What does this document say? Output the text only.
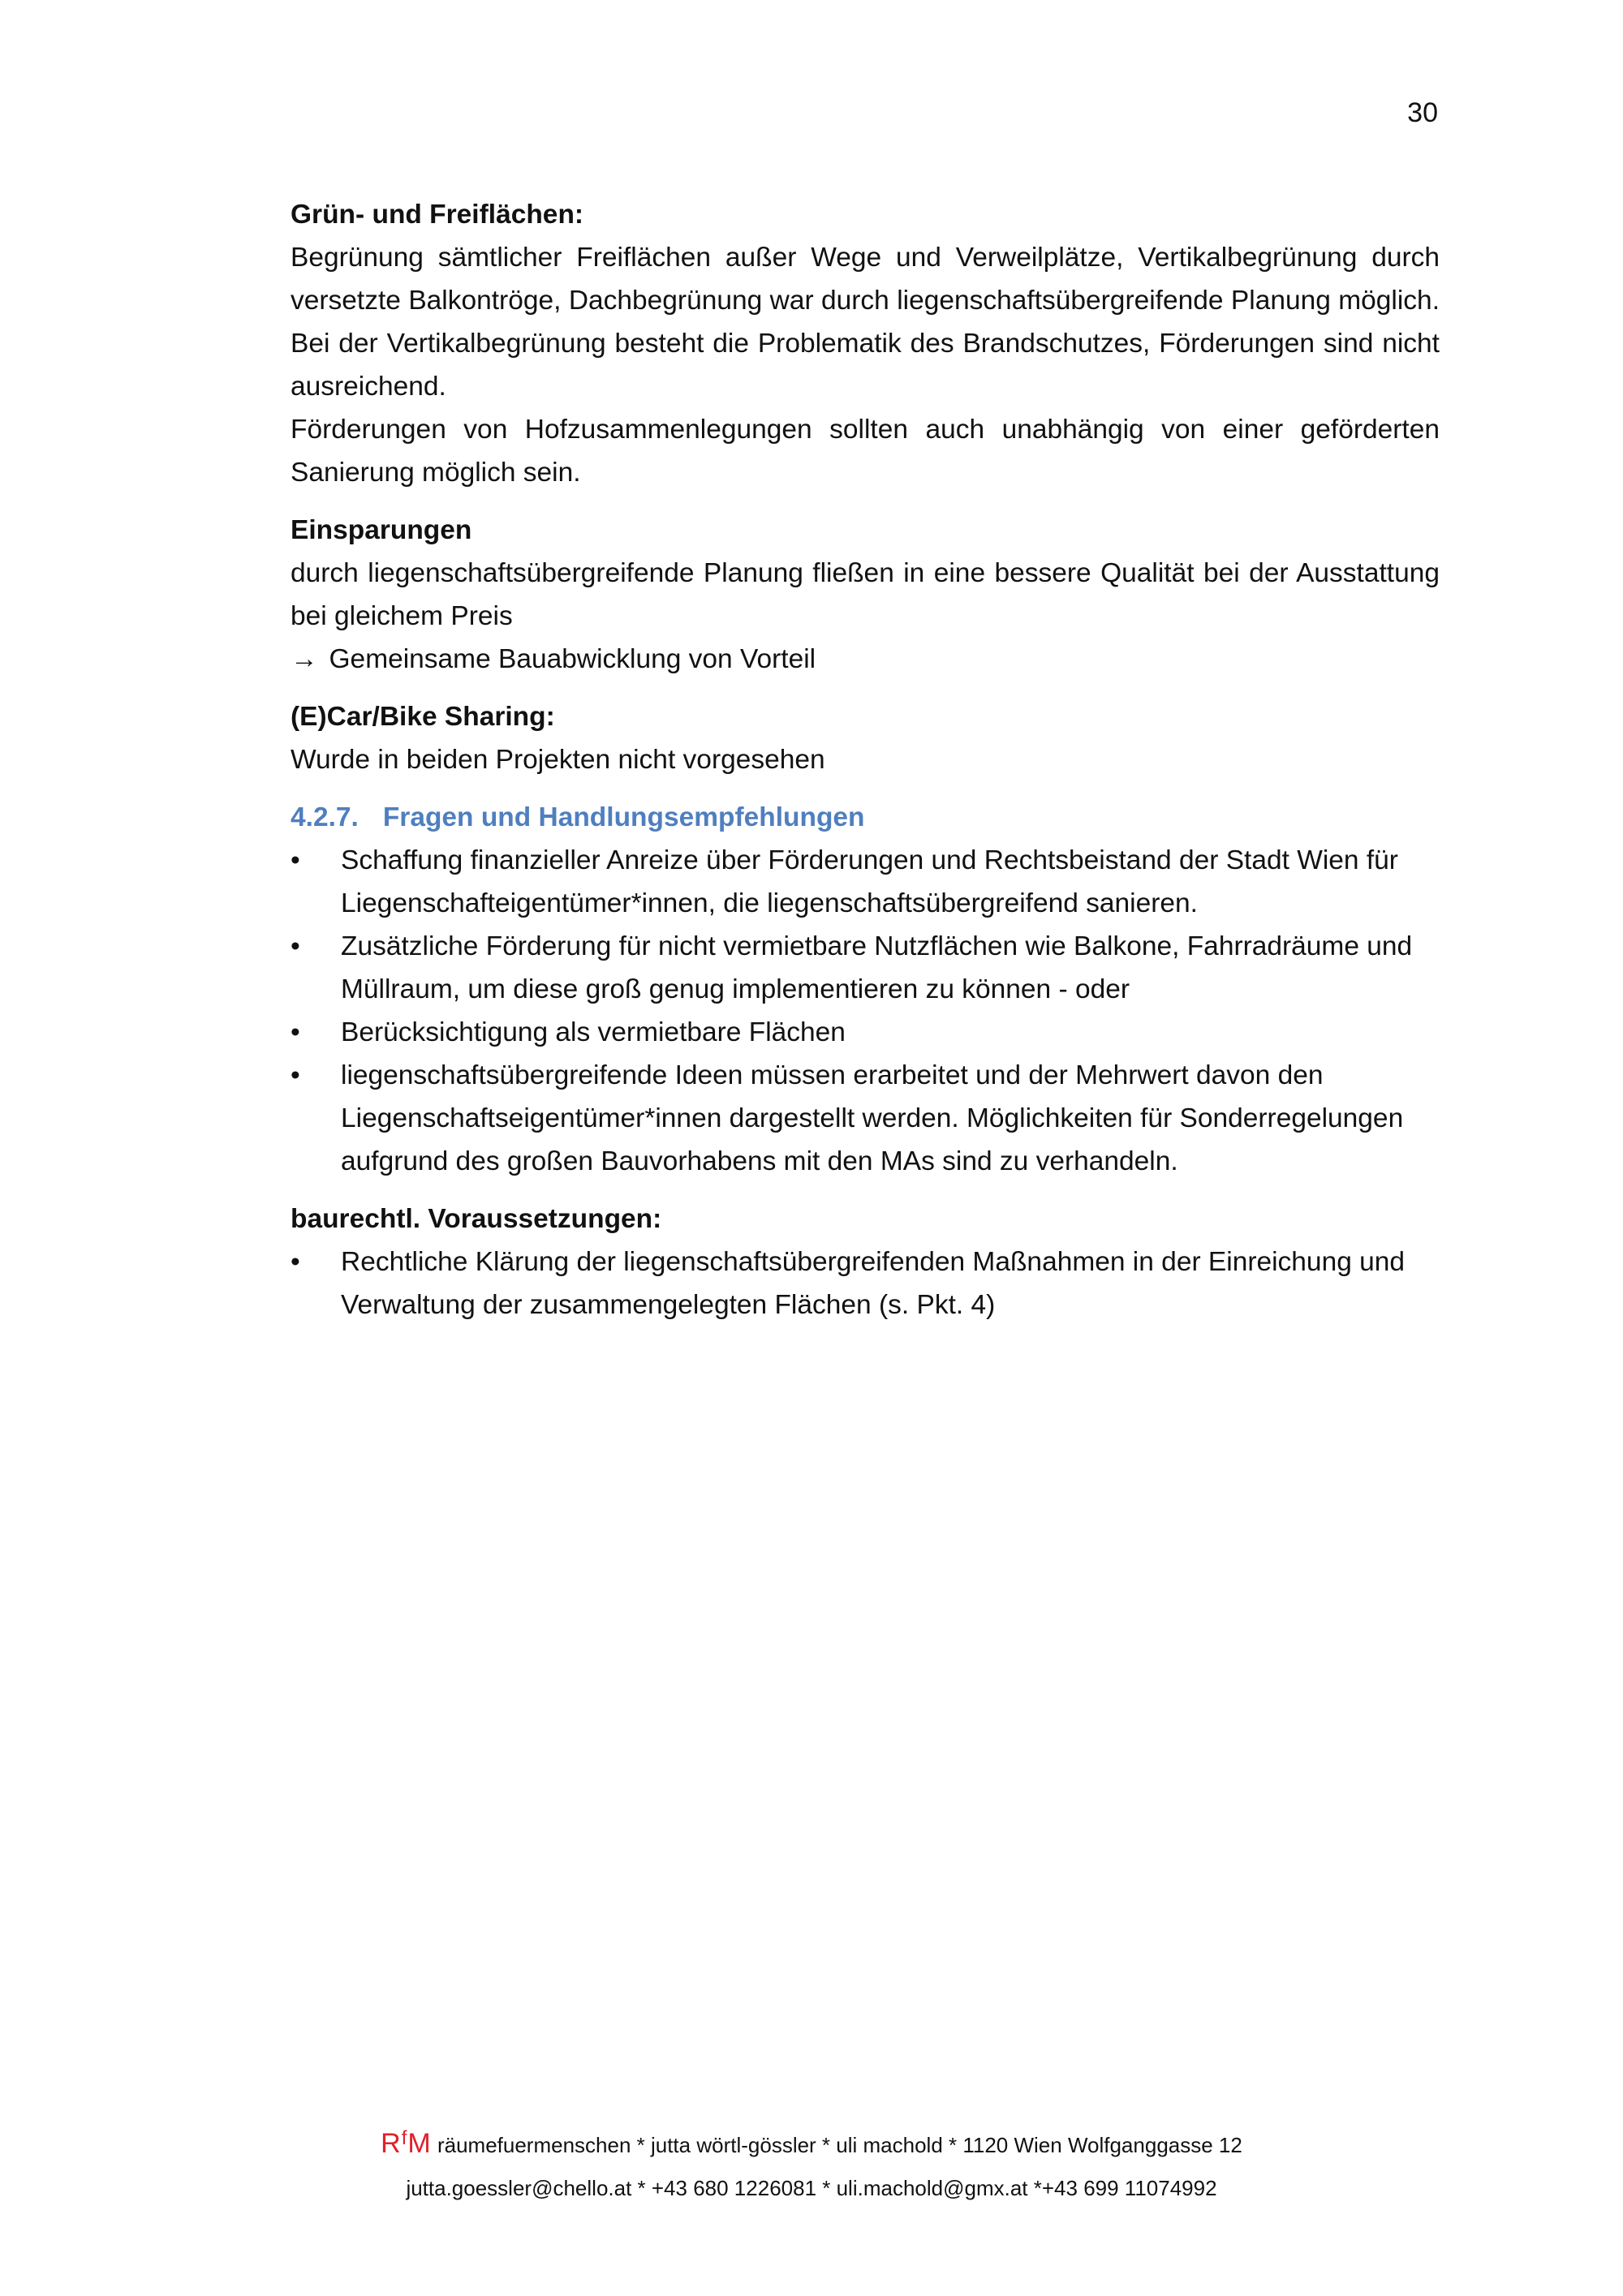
30
Grün- und Freiflächen:

Begrünung sämtlicher Freiflächen außer Wege und Verweilplätze, Vertikalbegrünung durch versetzte Balkontröge, Dachbegrünung war durch liegenschaftsübergreifende Planung möglich. Bei der Vertikalbegrünung besteht die Problematik des Brandschutzes, Förderungen sind nicht ausreichend.

Förderungen von Hofzusammenlegungen sollten auch unabhängig von einer geförderten Sanierung möglich sein.

Einsparungen

durch liegenschaftsübergreifende Planung fließen in eine bessere Qualität bei der Ausstattung bei gleichem Preis

→ Gemeinsame Bauabwicklung von Vorteil
(E)Car/Bike Sharing:

Wurde in beiden Projekten nicht vorgesehen

4.2.7. Fragen und Handlungsempfehlungen
• Schaffung finanzieller Anreize über Förderungen und Rechtsbeistand der Stadt Wien für Liegenschafteigentümer*innen, die liegenschaftsübergreifend sanieren.
• Zusätzliche Förderung für nicht vermietbare Nutzflächen wie Balkone, Fahrradräume und Müllraum, um diese groß genug implementieren zu können - oder
• Berücksichtigung als vermietbare Flächen
• liegenschaftsübergreifende Ideen müssen erarbeitet und der Mehrwert davon den Liegenschaftseigentümer*innen dargestellt werden. Möglichkeiten für Sonderregelungen aufgrund des großen Bauvorhabens mit den MAs sind zu verhandeln.
baurechtl. Voraussetzungen:
• Rechtliche Klärung der liegenschaftsübergreifenden Maßnahmen in der Einreichung und Verwaltung der zusammengelegten Flächen (s. Pkt. 4)
$R^fM$ räumefuermenschen * jutta wörtl-gössler * uli machold * 1120 Wien Wolfganggasse 12
jutta.goessler@chello.at * +43 680 1226081 * uli.machold@gmx.at *+43 699 11074992
